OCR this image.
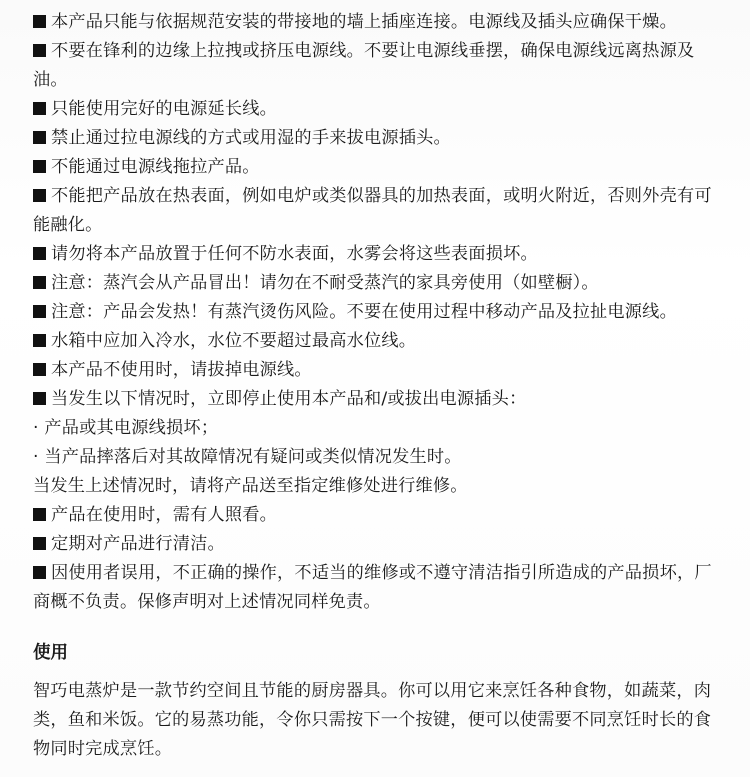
本产品只能与依据规范安装的带接地的墙上插座连接。电源线及插头应确保干燥。

不要在锋利的边缘上拉拽或挤压电源线。不要让电源线垂摆，确保电源线远离热源及油。

只能使用完好的电源延长线。

禁止通过拉电源线的方式或用湿的手来拔电源插头。

不能通过电源线拖拉产品。

不能把产品放在热表面，例如电炉或类似器具的加热表面，或明火附近，否则外壳有可能融化。

请勿将本产品放置于任何不防水表面，水雾会将这些表面损坏。

注意：蒸汽会从产品冒出！请勿在不耐受蒸汽的家具旁使用（如壁橱）。

注意：产品会发热！有蒸汽烫伤风险。不要在使用过程中移动产品及拉扯电源线。

水箱中应加入冷水，水位不要超过最高水位线。

本产品不使用时，请拔掉电源线。

当发生以下情况时，立即停止使用本产品和/或拔出电源插头：

· 产品或其电源线损坏；

· 当产品摔落后对其故障情况有疑问或类似情况发生时。

当发生上述情况时，请将产品送至指定维修处进行维修。

产品在使用时，需有人照看。

定期对产品进行清洁。

因使用者误用，不正确的操作，不适当的维修或不遵守清洁指引所造成的产品损坏，厂商概不负责。保修声明对上述情况同样免责。

使用

智巧电蒸炉是一款节约空间且节能的厨房器具。你可以用它来烹饪各种食物，如蔬菜，肉类，鱼和米饭。它的易蒸功能，令你只需按下一个按键，便可以使需要不同烹饪时长的食物同时完成烹饪。
